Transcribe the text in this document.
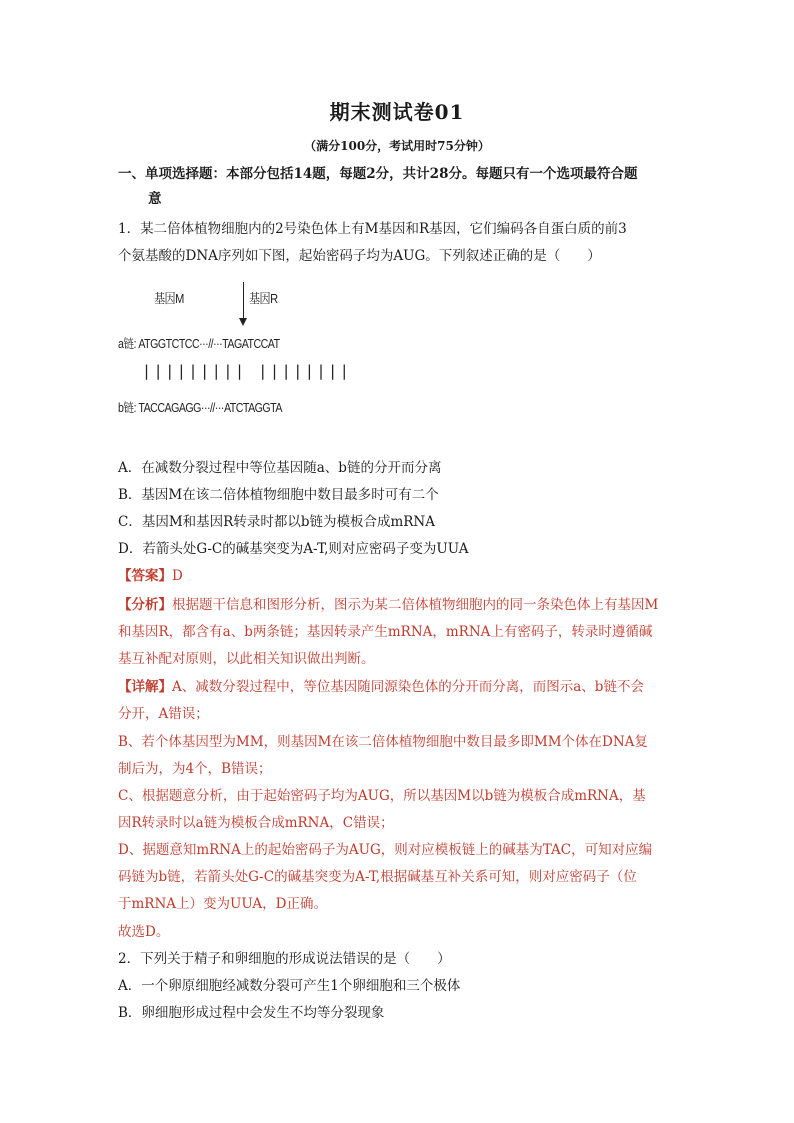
期末测试卷01
（满分100分，考试用时75分钟）
一、单项选择题：本部分包括14题，每题2分，共计28分。每题只有一个选项最符合题
意
1．某二倍体植物细胞内的2号染色体上有M基因和R基因，它们编码各自蛋白质的前3
个氨基酸的DNA序列如下图，起始密码子均为AUG。下列叙述正确的是（　　）
基因M	基因R
a链: ATGGTCTCC···//···TAGATCCAT
||||||||| ||||||||
b链: TACCAGAGG···//···ATCTAGGTA
A．在减数分裂过程中等位基因随a、b链的分开而分离
B．基因M在该二倍体植物细胞中数目最多时可有二个
C．基因M和基因R转录时都以b链为模板合成mRNA
D．若箭头处G-C的碱基突变为A-T,则对应密码子变为UUA
【答案】D
【分析】根据题干信息和图形分析，图示为某二倍体植物细胞内的同一条染色体上有基因M
和基因R，都含有a、b两条链；基因转录产生mRNA，mRNA上有密码子，转录时遵循碱
基互补配对原则，以此相关知识做出判断。
【详解】A、减数分裂过程中，等位基因随同源染色体的分开而分离，而图示a、b链不会
分开，A错误；
B、若个体基因型为MM，则基因M在该二倍体植物细胞中数目最多即MM个体在DNA复
制后为，为4个，B错误；
C、根据题意分析，由于起始密码子均为AUG，所以基因M以b链为模板合成mRNA，基
因R转录时以a链为模板合成mRNA，C错误；
D、据题意知mRNA上的起始密码子为AUG，则对应模板链上的碱基为TAC，可知对应编
码链为b链，若箭头处G-C的碱基突变为A-T,根据碱基互补关系可知，则对应密码子（位
于mRNA上）变为UUA，D正确。
故选D。
2．下列关于精子和卵细胞的形成说法错误的是（　　）
A．一个卵原细胞经减数分裂可产生1个卵细胞和三个极体
B．卵细胞形成过程中会发生不均等分裂现象
